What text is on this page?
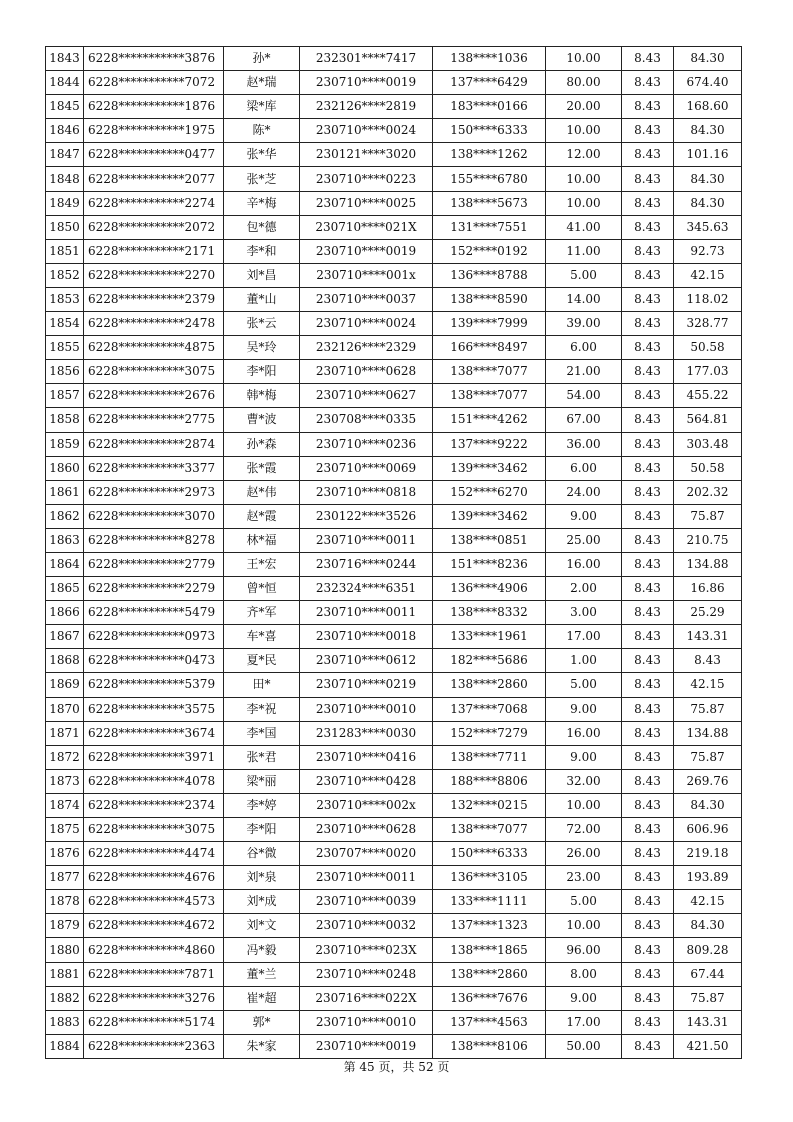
1843	6228***********3876	孙*	232301****7417	138****1036	10.00	8.43	84.30
1844	6228***********7072	赵*瑞	230710****0019	137****6429	80.00	8.43	674.40
1845	6228***********1876	梁*库	232126****2819	183****0166	20.00	8.43	168.60
1846	6228***********1975	陈*	230710****0024	150****6333	10.00	8.43	84.30
1847	6228***********0477	张*华	230121****3020	138****1262	12.00	8.43	101.16
1848	6228***********2077	张*芝	230710****0223	155****6780	10.00	8.43	84.30
1849	6228***********2274	辛*梅	230710****0025	138****5673	10.00	8.43	84.30
1850	6228***********2072	包*德	230710****021X	131****7551	41.00	8.43	345.63
1851	6228***********2171	李*和	230710****0019	152****0192	11.00	8.43	92.73
1852	6228***********2270	刘*昌	230710****001x	136****8788	5.00	8.43	42.15
1853	6228***********2379	董*山	230710****0037	138****8590	14.00	8.43	118.02
1854	6228***********2478	张*云	230710****0024	139****7999	39.00	8.43	328.77
1855	6228***********4875	吴*玲	232126****2329	166****8497	6.00	8.43	50.58
1856	6228***********3075	李*阳	230710****0628	138****7077	21.00	8.43	177.03
1857	6228***********2676	韩*梅	230710****0627	138****7077	54.00	8.43	455.22
1858	6228***********2775	曹*波	230708****0335	151****4262	67.00	8.43	564.81
1859	6228***********2874	孙*森	230710****0236	137****9222	36.00	8.43	303.48
1860	6228***********3377	张*霞	230710****0069	139****3462	6.00	8.43	50.58
1861	6228***********2973	赵*伟	230710****0818	152****6270	24.00	8.43	202.32
1862	6228***********3070	赵*霞	230122****3526	139****3462	9.00	8.43	75.87
1863	6228***********8278	林*福	230710****0011	138****0851	25.00	8.43	210.75
1864	6228***********2779	王*宏	230716****0244	151****8236	16.00	8.43	134.88
1865	6228***********2279	曾*恒	232324****6351	136****4906	2.00	8.43	16.86
1866	6228***********5479	齐*军	230710****0011	138****8332	3.00	8.43	25.29
1867	6228***********0973	车*喜	230710****0018	133****1961	17.00	8.43	143.31
1868	6228***********0473	夏*民	230710****0612	182****5686	1.00	8.43	8.43
1869	6228***********5379	田*	230710****0219	138****2860	5.00	8.43	42.15
1870	6228***********3575	李*祝	230710****0010	137****7068	9.00	8.43	75.87
1871	6228***********3674	李*国	231283****0030	152****7279	16.00	8.43	134.88
1872	6228***********3971	张*君	230710****0416	138****7711	9.00	8.43	75.87
1873	6228***********4078	梁*丽	230710****0428	188****8806	32.00	8.43	269.76
1874	6228***********2374	李*婷	230710****002x	132****0215	10.00	8.43	84.30
1875	6228***********3075	李*阳	230710****0628	138****7077	72.00	8.43	606.96
1876	6228***********4474	谷*微	230707****0020	150****6333	26.00	8.43	219.18
1877	6228***********4676	刘*泉	230710****0011	136****3105	23.00	8.43	193.89
1878	6228***********4573	刘*成	230710****0039	133****1111	5.00	8.43	42.15
1879	6228***********4672	刘*文	230710****0032	137****1323	10.00	8.43	84.30
1880	6228***********4860	冯*毅	230710****023X	138****1865	96.00	8.43	809.28
1881	6228***********7871	董*兰	230710****0248	138****2860	8.00	8.43	67.44
1882	6228***********3276	崔*超	230716****022X	136****7676	9.00	8.43	75.87
1883	6228***********5174	郭*	230710****0010	137****4563	17.00	8.43	143.31
1884	6228***********2363	朱*家	230710****0019	138****8106	50.00	8.43	421.50
第 45 页，共 52 页
